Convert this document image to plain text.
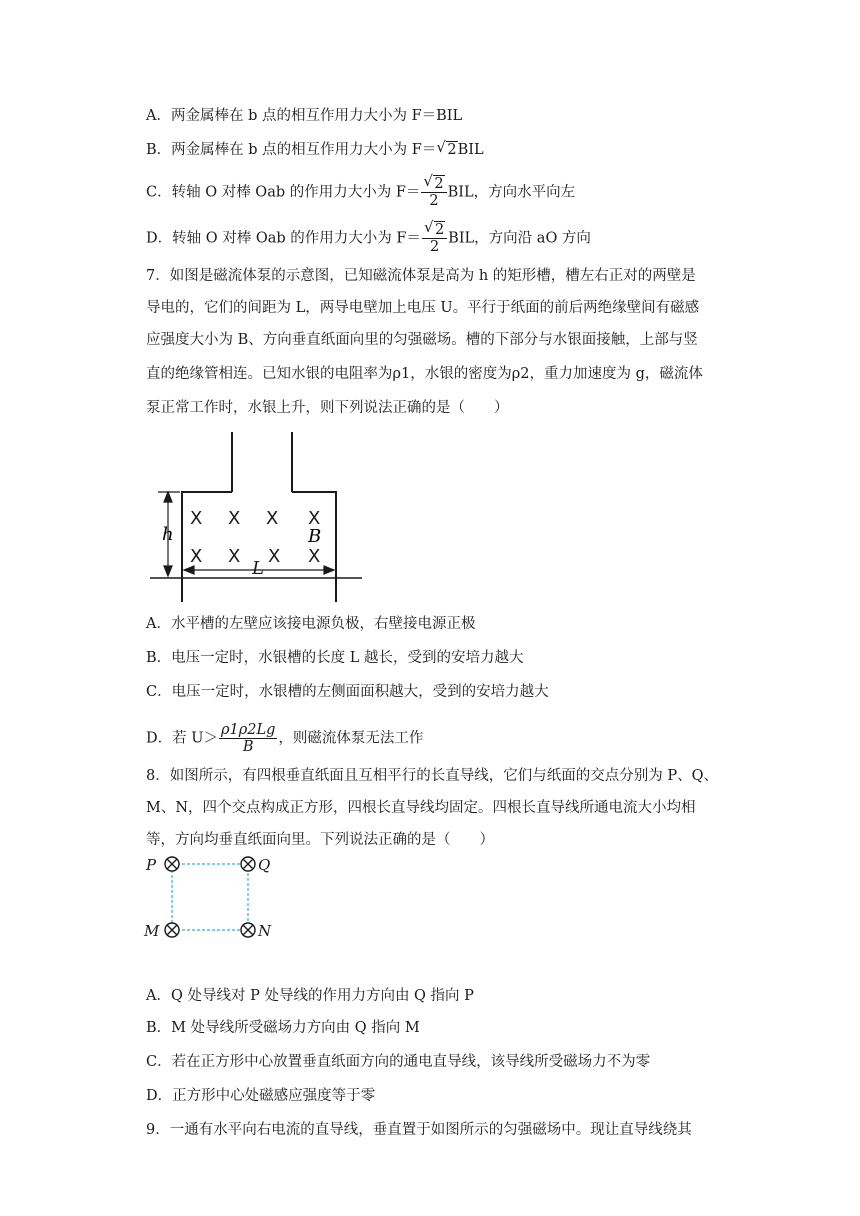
A．两金属棒在 b 点的相互作用力大小为 F＝BIL
B．两金属棒在 b 点的相互作用力大小为 F＝ √ 2BIL
C．转轴 O 对棒 Oab 的作用力大小为 $F= \frac{√ 2}{2}$ BIL，方向水平向左
D．转轴 O 对棒 Oab 的作用力大小为 $F= \frac{√ 2}{2}$ BIL，方向沿 aO 方向
7．如图是磁流体泵的示意图，已知磁流体泵是高为 h 的矩形槽，槽左右正对的两壁是
导电的，它们的间距为 L，两导电壁加上电压 U。平行于纸面的前后两绝缘壁间有磁感
应强度大小为 B、方向垂直纸面向里的匀强磁场。槽的下部分与水银面接触，上部与竖
直的绝缘管相连。已知水银的电阻率为ρ1，水银的密度为ρ2，重力加速度为 g，磁流体
泵正常工作时，水银上升，则下列说法正确的是（　　）
h	B
L
X X X X
X X X X
A．水平槽的左壁应该接电源负极，右壁接电源正极
B．电压一定时，水银槽的长度 L 越长，受到的安培力越大
C．电压一定时，水银槽的左侧面面积越大，受到的安培力越大
D．若 $U> \frac{\rho 1\rho 2Lg}{B}$ ，则磁流体泵无法工作
8．如图所示，有四根垂直纸面且互相平行的长直导线，它们与纸面的交点分别为 P、Q、
M、N，四个交点构成正方形，四根长直导线均固定。四根长直导线所通电流大小均相
等，方向均垂直纸面向里。下列说法正确的是（　　）
P	Q
M	N
A．Q 处导线对 P 处导线的作用力方向由 Q 指向 P
B．M 处导线所受磁场力方向由 Q 指向 M
C．若在正方形中心放置垂直纸面方向的通电直导线，该导线所受磁场力不为零
D．正方形中心处磁感应强度等于零
9．一通有水平向右电流的直导线，垂直置于如图所示的匀强磁场中。现让直导线绕其
